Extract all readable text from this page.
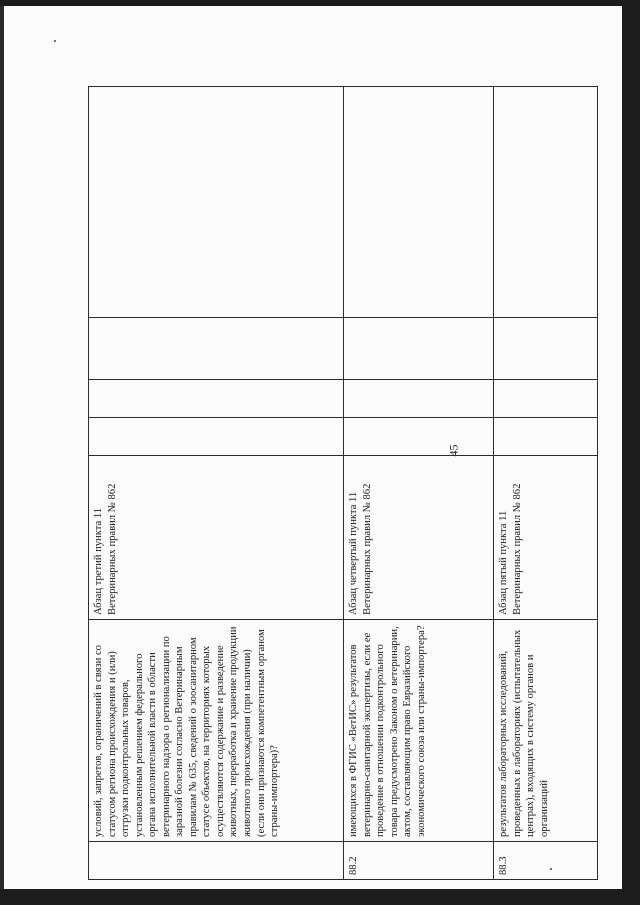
45
	условий, запретов, ограничений в связи со статусом региона происхождения и (или) отгрузки подконтрольных товаров, установленным решением федерального органа исполнительной власти в области ветеринарного надзора о регионализации по заразной болезни согласно Ветеринарным правилам № 635, сведений о зоосанитарном статусе объектов, на территориях которых осуществляются содержание и разведение животных, переработка и хранение продукции животного происхождения (при наличии) (если они признаются компетентным органом страны-импортера)?	Абзац третий пункта 11 Ветеринарных правил № 862				
88.2	имеющихся в ФГИС «ВетИС» результатов ветеринарно-санитарной экспертизы, если ее проведение в отношении подконтрольного товара предусмотрено Законом о ветеринарии, актом, составляющим право Евразийского экономического союза или страны-импортера?	Абзац четвертый пункта 11 Ветеринарных правил № 862				
88.3	результатов лабораторных исследований, проведенных в лабораториях (испытательных центрах), входящих в систему органов и организаций	Абзац пятый пункта 11 Ветеринарных правил № 862				
